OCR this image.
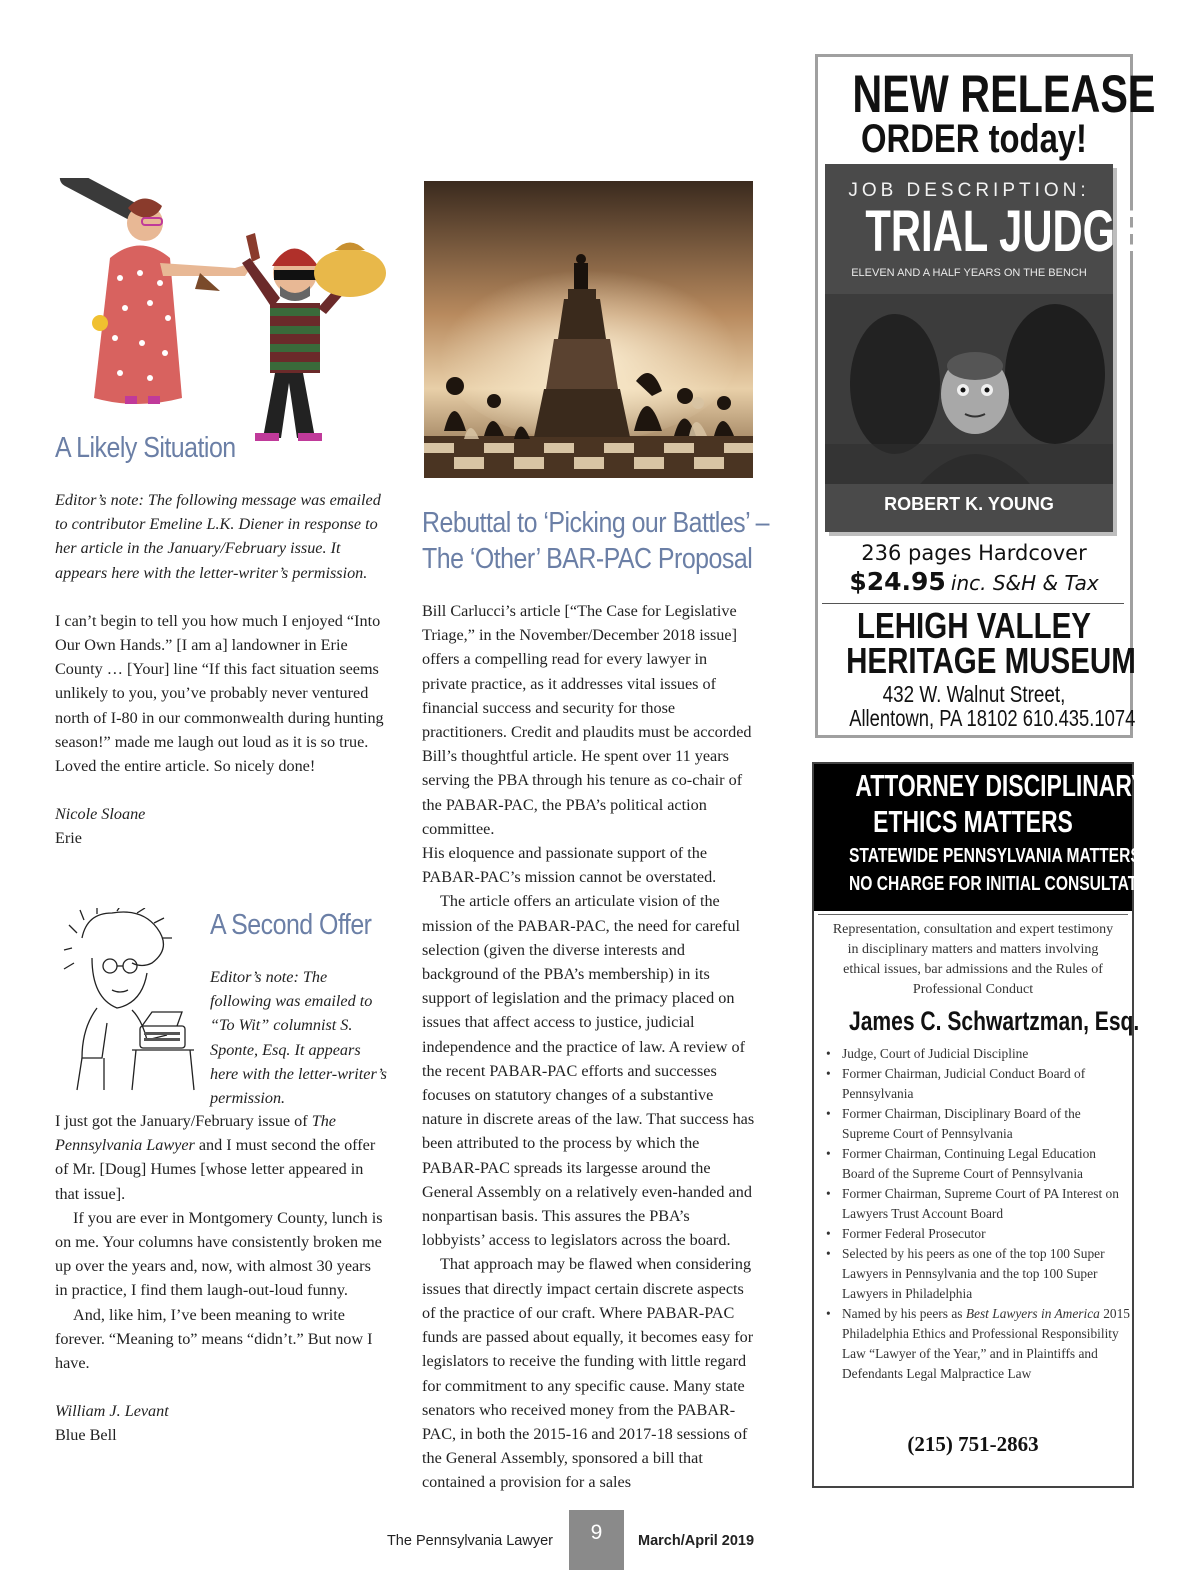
A Likely Situation

Editor’s note: The following message was emailed to contributor Emeline L.K. Diener in response to her article in the January/February issue. It appears here with the letter-writer’s permission.

I can’t begin to tell you how much I enjoyed “Into Our Own Hands.” [I am a] landowner in Erie County … [Your] line “If this fact situation seems unlikely to you, you’ve probably never ventured north of I-80 in our commonwealth during hunting season!” made me laugh out loud as it is so true. Loved the entire article. So nicely done!

Nicole Sloane

Erie

A Second Offer
Editor’s note: The following was emailed to “To Wit” columnist S. Sponte, Esq. It appears here with the letter-writer’s permission.

I just got the January/February issue of The Pennsylvania Lawyer and I must second the offer of Mr. [Doug] Humes [whose letter appeared in that issue].

If you are ever in Montgomery County, lunch is on me. Your columns have consistently broken me up over the years and, now, with almost 30 years in practice, I find them laugh-out-loud funny.

And, like him, I’ve been meaning to write forever. “Meaning to” means “didn’t.” But now I have.

William J. Levant

Blue Bell

Rebuttal to ‘Picking our Battles’ –
The ‘Other’ BAR-PAC Proposal

Bill Carlucci’s article [“The Case for Legislative Triage,” in the November/December 2018 issue] offers a compelling read for every lawyer in private practice, as it addresses vital issues of financial success and security for those practitioners. Credit and plaudits must be accorded Bill’s thoughtful article. He spent over 11 years serving the PBA through his tenure as co-chair of the PABAR-PAC, the PBA’s political action committee.

His eloquence and passionate support of the PABAR-PAC’s mission cannot be overstated.

The article offers an articulate vision of the mission of the PABAR-PAC, the need for careful selection (given the diverse interests and background of the PBA’s membership) in its support of legislation and the primacy placed on issues that affect access to justice, judicial independence and the practice of law. A review of the recent PABAR-PAC efforts and successes focuses on statutory changes of a substantive nature in discrete areas of the law. That success has been attributed to the process by which the PABAR-PAC spreads its largesse around the General Assembly on a relatively even-handed and nonpartisan basis. This assures the PBA’s lobbyists’ access to legislators across the board.

That approach may be flawed when considering issues that directly impact certain discrete aspects of the practice of our craft. Where PABAR-PAC funds are passed about equally, it becomes easy for legislators to receive the funding with little regard for commitment to any specific cause. Many state senators who received money from the PABAR-PAC, in both the 2015-16 and 2017-18 sessions of the General Assembly, sponsored a bill that contained a provision for a sales

NEW RELEASE
ORDER today!
JOB DESCRIPTION:
TRIAL JUDGE
ELEVEN AND A HALF YEARS ON THE BENCH
ROBERT K. YOUNG
236 pages Hardcover
$24.95 inc. S&H & Tax
LEHIGH VALLEY
HERITAGE MUSEUM
432 W. Walnut Street,
Allentown, PA 18102 610.435.1074
ATTORNEY DISCIPLINARY /
ETHICS MATTERS
STATEWIDE PENNSYLVANIA MATTERS
NO CHARGE FOR INITIAL CONSULTATION
Representation, consultation and expert testimony in disciplinary matters and matters involving ethical issues, bar admissions and the Rules of Professional Conduct
James C. Schwartzman, Esq.
• Judge, Court of Judicial Discipline
• Former Chairman, Judicial Conduct Board of Pennsylvania
• Former Chairman, Disciplinary Board of the Supreme Court of Pennsylvania
• Former Chairman, Continuing Legal Education Board of the Supreme Court of Pennsylvania
• Former Chairman, Supreme Court of PA Interest on Lawyers Trust Account Board
• Former Federal Prosecutor
• Selected by his peers as one of the top 100 Super Lawyers in Pennsylvania and the top 100 Super Lawyers in Philadelphia
• Named by his peers as Best Lawyers in America 2015 Philadelphia Ethics and Professional Responsibility Law “Lawyer of the Year,” and in Plaintiffs and Defendants Legal Malpractice Law
(215) 751-2863
The Pennsylvania Lawyer	9	March/April 2019
